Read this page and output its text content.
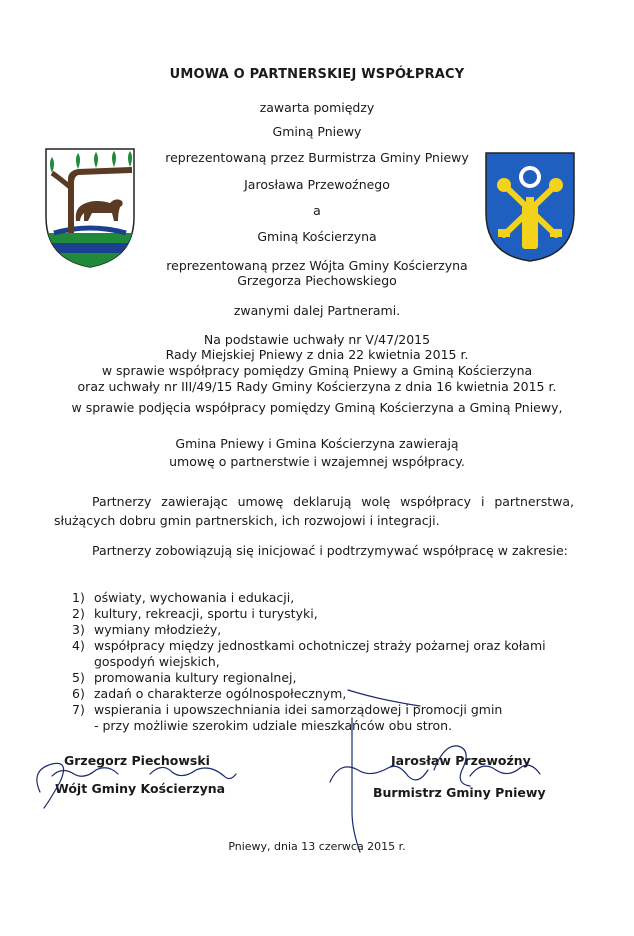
UMOWA O PARTNERSKIEJ WSPÓŁPRACY
zawarta pomiędzy
Gminą Pniewy
reprezentowaną przez Burmistrza Gminy Pniewy
Jarosława Przewoźnego
a
Gminą Kościerzyna
reprezentowaną przez Wójta Gminy Kościerzyna
Grzegorza Piechowskiego
zwanymi dalej Partnerami.
Na podstawie uchwały nr V/47/2015
Rady Miejskiej Pniewy z dnia 22 kwietnia 2015 r.
w sprawie współpracy pomiędzy Gminą Pniewy a Gminą Kościerzyna
oraz uchwały nr III/49/15 Rady Gminy Kościerzyna z dnia 16 kwietnia 2015 r.
w sprawie podjęcia współpracy pomiędzy Gminą Kościerzyna a Gminą Pniewy,
Gmina Pniewy i Gmina Kościerzyna zawierają
umowę o partnerstwie i wzajemnej współpracy.
Partnerzy zawierając umowę deklarują wolę współpracy i partnerstwa, służących dobru gmin partnerskich, ich rozwojowi i integracji.
Partnerzy zobowiązują się inicjować i podtrzymywać współpracę w zakresie:
1) oświaty, wychowania i edukacji,
2) kultury, rekreacji, sportu i turystyki,
3) wymiany młodzieży,
4) współpracy między jednostkami ochotniczej straży pożarnej oraz kołami gospodyń wiejskich,
5) promowania kultury regionalnej,
6) zadań o charakterze ogólnospołecznym,
7) wspierania i upowszechniania idei samorządowej i promocji gmin
- przy możliwie szerokim udziale mieszkańców obu stron.
Grzegorz Piechowski
Wójt Gminy Kościerzyna
Jarosław Przewoźny
Burmistrz Gminy Pniewy
Pniewy, dnia 13 czerwca 2015 r.
